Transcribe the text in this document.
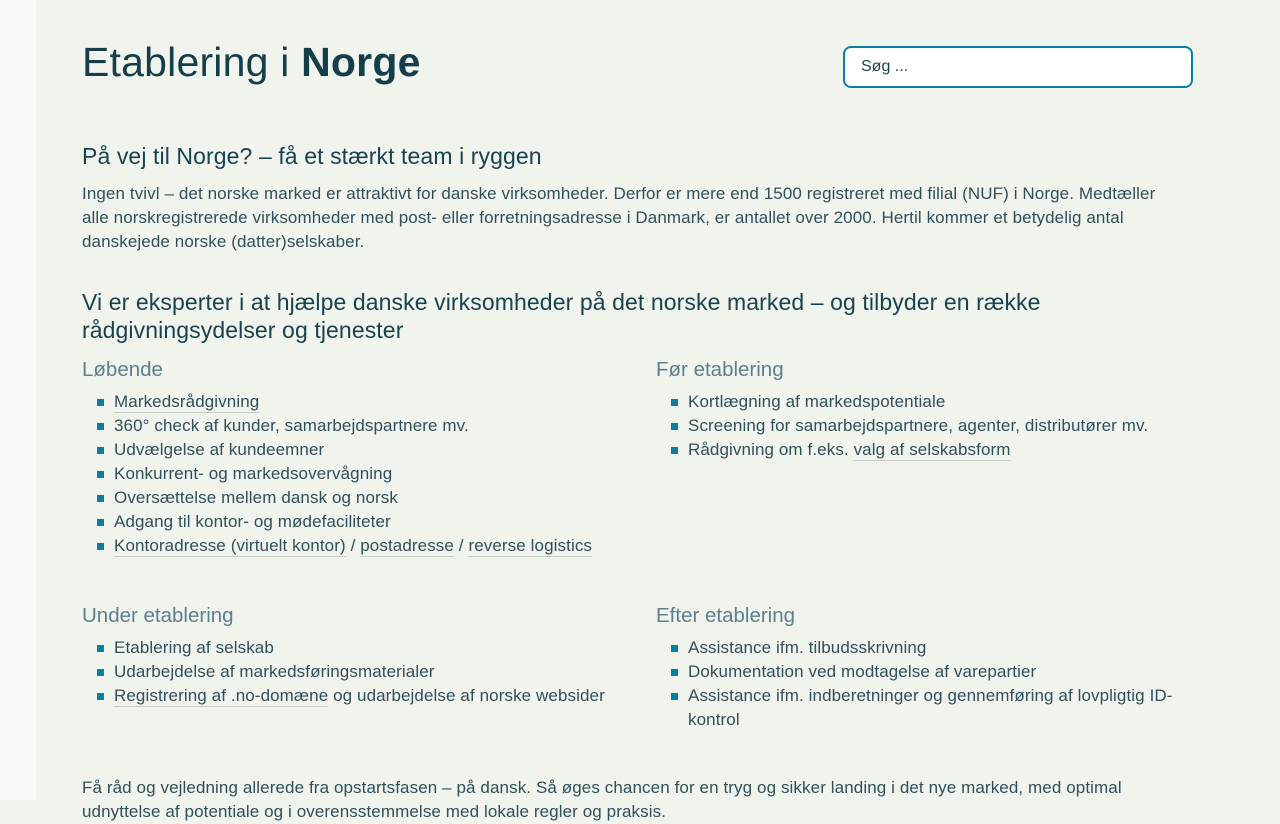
Etablering i Norge
Søg ...
På vej til Norge? – få et stærkt team i ryggen

Ingen tvivl – det norske marked er attraktivt for danske virksomheder. Derfor er mere end 1500 registreret med filial (NUF) i Norge. Medtæller alle norskregistrerede virksomheder med post- eller forretningsadresse i Danmark, er antallet over 2000. Hertil kommer et betydelig antal danskejede norske (datter)selskaber.

Vi er eksperter i at hjælpe danske virksomheder på det norske marked – og tilbyder en række rådgivningsydelser og tjenester
Løbende
Markedsrådgivning
360° check af kunder, samarbejdspartnere mv.
Udvælgelse af kundeemner
Konkurrent- og markedsovervågning
Oversættelse mellem dansk og norsk
Adgang til kontor- og mødefaciliteter
Kontoradresse (virtuelt kontor) / postadresse / reverse logistics
Før etablering
Kortlægning af markedspotentiale
Screening for samarbejdspartnere, agenter, distributører mv.
Rådgivning om f.eks. valg af selskabsform
Under etablering
Etablering af selskab
Udarbejdelse af markedsføringsmaterialer
Registrering af .no-domæne og udarbejdelse af norske websider
Efter etablering
Assistance ifm. tilbudsskrivning
Dokumentation ved modtagelse af varepartier
Assistance ifm. indberetninger og gennemføring af lovpligtig ID-kontrol

Få råd og vejledning allerede fra opstartsfasen – på dansk. Så øges chancen for en tryg og sikker landing i det nye marked, med optimal udnyttelse af potentiale og i overensstemmelse med lokale regler og praksis.
